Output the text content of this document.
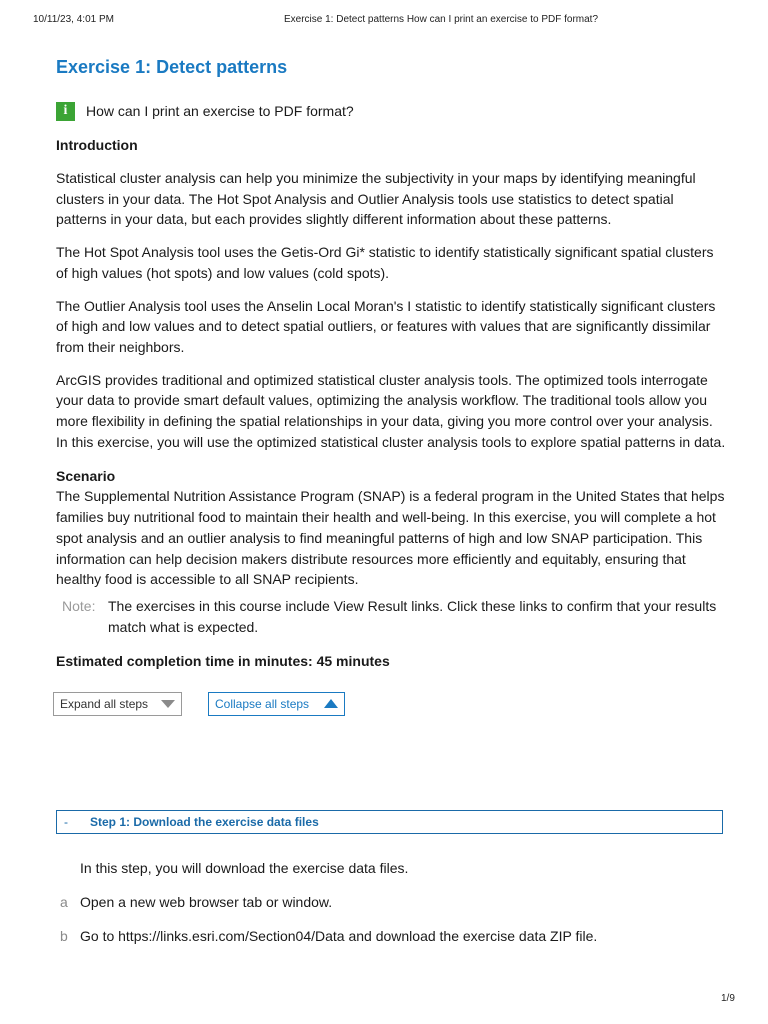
10/11/23, 4:01 PM	Exercise 1: Detect patterns How can I print an exercise to PDF format?
Exercise 1: Detect patterns
i	How can I print an exercise to PDF format?
Introduction

Statistical cluster analysis can help you minimize the subjectivity in your maps by identifying meaningful clusters in your data. The Hot Spot Analysis and Outlier Analysis tools use statistics to detect spatial patterns in your data, but each provides slightly different information about these patterns.

The Hot Spot Analysis tool uses the Getis-Ord Gi* statistic to identify statistically significant spatial clusters of high values (hot spots) and low values (cold spots).

The Outlier Analysis tool uses the Anselin Local Moran's I statistic to identify statistically significant clusters of high and low values and to detect spatial outliers, or features with values that are significantly dissimilar from their neighbors.

ArcGIS provides traditional and optimized statistical cluster analysis tools. The optimized tools interrogate your data to provide smart default values, optimizing the analysis workflow. The traditional tools allow you more flexibility in defining the spatial relationships in your data, giving you more control over your analysis. In this exercise, you will use the optimized statistical cluster analysis tools to explore spatial patterns in data.

Scenario

The Supplemental Nutrition Assistance Program (SNAP) is a federal program in the United States that helps families buy nutritional food to maintain their health and well-being. In this exercise, you will complete a hot spot analysis and an outlier analysis to find meaningful patterns of high and low SNAP participation. This information can help decision makers distribute resources more efficiently and equitably, ensuring that healthy food is accessible to all SNAP recipients.

Note: The exercises in this course include View Result links. Click these links to confirm that your results match what is expected.
Estimated completion time in minutes: 45 minutes
Expand all steps	Collapse all steps
-	Step 1: Download the exercise data files
In this step, you will download the exercise data files.
a Open a new web browser tab or window.
b Go to https://links.esri.com/Section04/Data and download the exercise data ZIP file.
1/9
